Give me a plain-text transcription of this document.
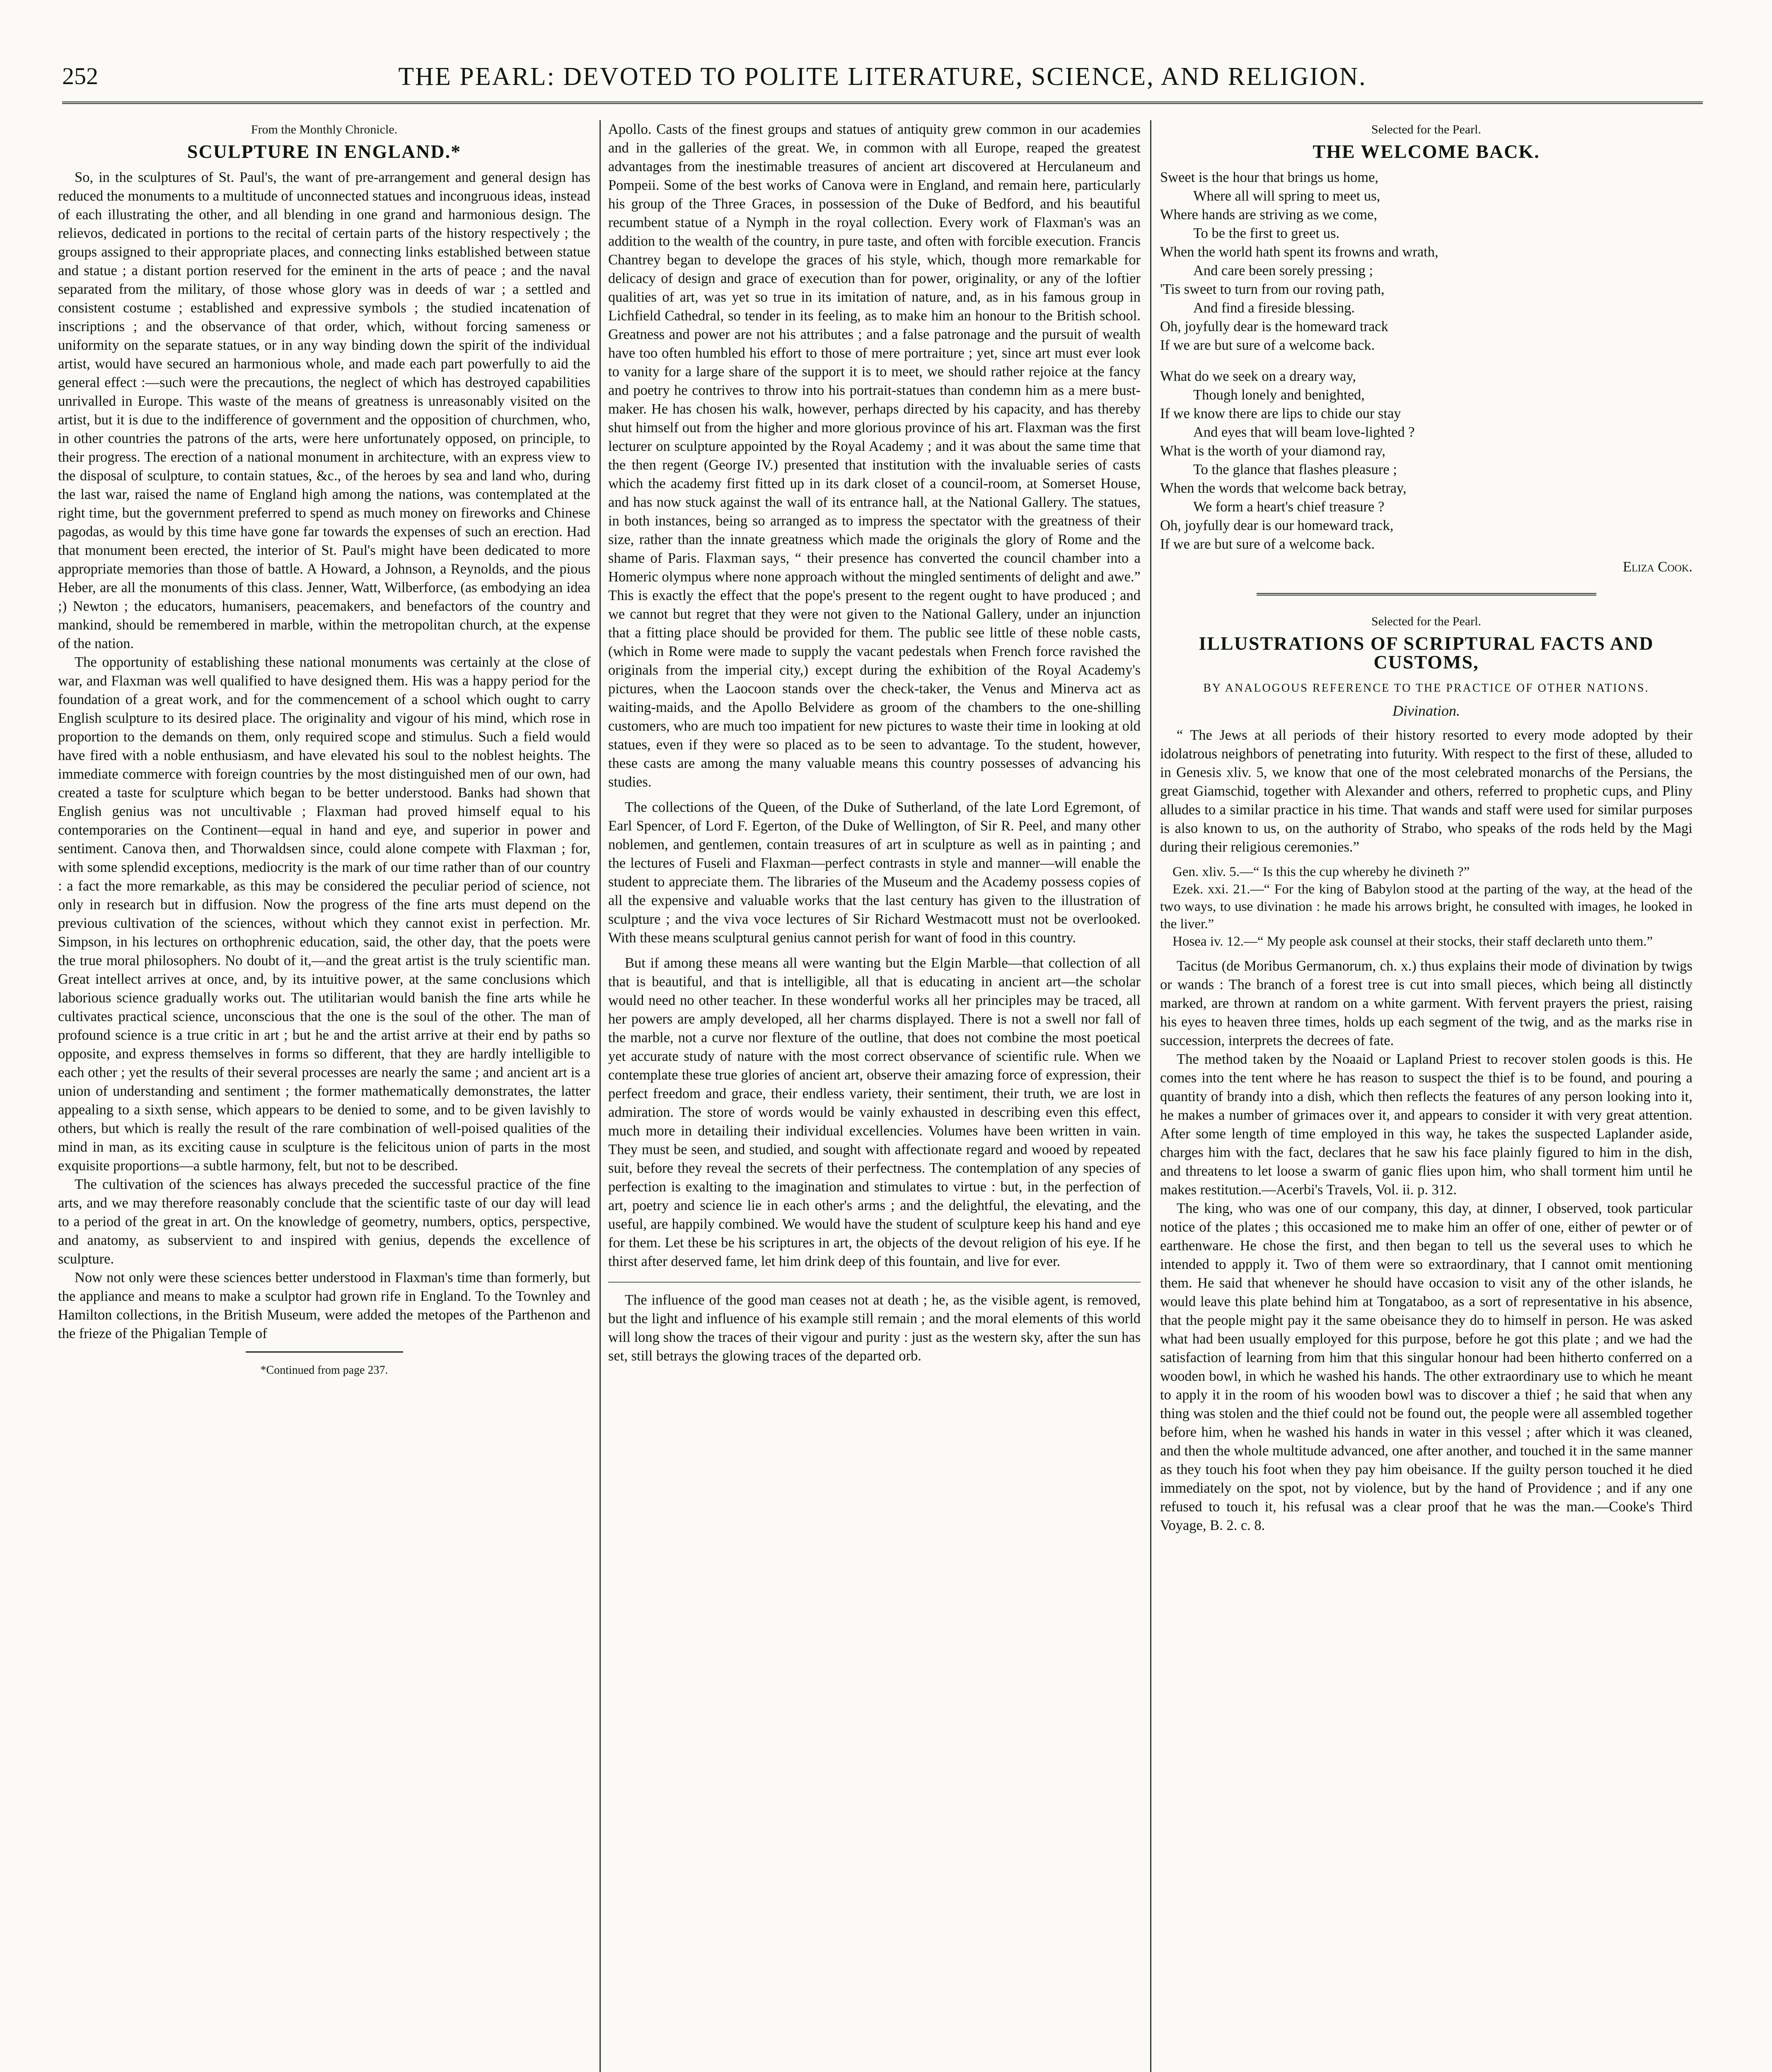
252	THE PEARL: DEVOTED TO POLITE LITERATURE, SCIENCE, AND RELIGION.
From the Monthly Chronicle.
SCULPTURE IN ENGLAND.*

So, in the sculptures of St. Paul's, the want of pre-arrangement and general design has reduced the monuments to a multitude of unconnected statues and incongruous ideas, instead of each illustrating the other, and all blending in one grand and harmonious design. The relievos, dedicated in portions to the recital of certain parts of the history respectively ; the groups assigned to their appropriate places, and connecting links established between statue and statue ; a distant portion reserved for the eminent in the arts of peace ; and the naval separated from the military, of those whose glory was in deeds of war ; a settled and consistent costume ; established and expressive symbols ; the studied incatenation of inscriptions ; and the observance of that order, which, without forcing sameness or uniformity on the separate statues, or in any way binding down the spirit of the individual artist, would have secured an harmonious whole, and made each part powerfully to aid the general effect :—such were the precautions, the neglect of which has destroyed capabilities unrivalled in Europe. This waste of the means of greatness is unreasonably visited on the artist, but it is due to the indifference of government and the opposition of churchmen, who, in other countries the patrons of the arts, were here unfortunately opposed, on principle, to their progress. The erection of a national monument in architecture, with an express view to the disposal of sculpture, to contain statues, &c., of the heroes by sea and land who, during the last war, raised the name of England high among the nations, was contemplated at the right time, but the government preferred to spend as much money on fireworks and Chinese pagodas, as would by this time have gone far towards the expenses of such an erection. Had that monument been erected, the interior of St. Paul's might have been dedicated to more appropriate memories than those of battle. A Howard, a Johnson, a Reynolds, and the pious Heber, are all the monuments of this class. Jenner, Watt, Wilberforce, (as embodying an idea ;) Newton ; the educators, humanisers, peacemakers, and benefactors of the country and mankind, should be remembered in marble, within the metropolitan church, at the expense of the nation.

The opportunity of establishing these national monuments was certainly at the close of war, and Flaxman was well qualified to have designed them. His was a happy period for the foundation of a great work, and for the commencement of a school which ought to carry English sculpture to its desired place. The originality and vigour of his mind, which rose in proportion to the demands on them, only required scope and stimulus. Such a field would have fired with a noble enthusiasm, and have elevated his soul to the noblest heights. The immediate commerce with foreign countries by the most distinguished men of our own, had created a taste for sculpture which began to be better understood. Banks had shown that English genius was not uncultivable ; Flaxman had proved himself equal to his contemporaries on the Continent—equal in hand and eye, and superior in power and sentiment. Canova then, and Thorwaldsen since, could alone compete with Flaxman ; for, with some splendid exceptions, mediocrity is the mark of our time rather than of our country : a fact the more remarkable, as this may be considered the peculiar period of science, not only in research but in diffusion. Now the progress of the fine arts must depend on the previous cultivation of the sciences, without which they cannot exist in perfection. Mr. Simpson, in his lectures on orthophrenic education, said, the other day, that the poets were the true moral philosophers. No doubt of it,—and the great artist is the truly scientific man. Great intellect arrives at once, and, by its intuitive power, at the same conclusions which laborious science gradually works out. The utilitarian would banish the fine arts while he cultivates practical science, unconscious that the one is the soul of the other. The man of profound science is a true critic in art ; but he and the artist arrive at their end by paths so opposite, and express themselves in forms so different, that they are hardly intelligible to each other ; yet the results of their several processes are nearly the same ; and ancient art is a union of understanding and sentiment ; the former mathematically demonstrates, the latter appealing to a sixth sense, which appears to be denied to some, and to be given lavishly to others, but which is really the result of the rare combination of well-poised qualities of the mind in man, as its exciting cause in sculpture is the felicitous union of parts in the most exquisite proportions—a subtle harmony, felt, but not to be described.

The cultivation of the sciences has always preceded the successful practice of the fine arts, and we may therefore reasonably conclude that the scientific taste of our day will lead to a period of the great in art. On the knowledge of geometry, numbers, optics, perspective, and anatomy, as subservient to and inspired with genius, depends the excellence of sculpture.

Now not only were these sciences better understood in Flaxman's time than formerly, but the appliance and means to make a sculptor had grown rife in England. To the Townley and Hamilton collections, in the British Museum, were added the metopes of the Parthenon and the frieze of the Phigalian Temple of

*Continued from page 237.

Apollo. Casts of the finest groups and statues of antiquity grew common in our academies and in the galleries of the great. We, in common with all Europe, reaped the greatest advantages from the inestimable treasures of ancient art discovered at Herculaneum and Pompeii. Some of the best works of Canova were in England, and remain here, particularly his group of the Three Graces, in possession of the Duke of Bedford, and his beautiful recumbent statue of a Nymph in the royal collection. Every work of Flaxman's was an addition to the wealth of the country, in pure taste, and often with forcible execution. Francis Chantrey began to develope the graces of his style, which, though more remarkable for delicacy of design and grace of execution than for power, originality, or any of the loftier qualities of art, was yet so true in its imitation of nature, and, as in his famous group in Lichfield Cathedral, so tender in its feeling, as to make him an honour to the British school. Greatness and power are not his attributes ; and a false patronage and the pursuit of wealth have too often humbled his effort to those of mere portraiture ; yet, since art must ever look to vanity for a large share of the support it is to meet, we should rather rejoice at the fancy and poetry he contrives to throw into his portrait-statues than condemn him as a mere bust-maker. He has chosen his walk, however, perhaps directed by his capacity, and has thereby shut himself out from the higher and more glorious province of his art. Flaxman was the first lecturer on sculpture appointed by the Royal Academy ; and it was about the same time that the then regent (George IV.) presented that institution with the invaluable series of casts which the academy first fitted up in its dark closet of a council-room, at Somerset House, and has now stuck against the wall of its entrance hall, at the National Gallery. The statues, in both instances, being so arranged as to impress the spectator with the greatness of their size, rather than the innate greatness which made the originals the glory of Rome and the shame of Paris. Flaxman says, “ their presence has converted the council chamber into a Homeric olympus where none approach without the mingled sentiments of delight and awe.” This is exactly the effect that the pope's present to the regent ought to have produced ; and we cannot but regret that they were not given to the National Gallery, under an injunction that a fitting place should be provided for them. The public see little of these noble casts, (which in Rome were made to supply the vacant pedestals when French force ravished the originals from the imperial city,) except during the exhibition of the Royal Academy's pictures, when the Laocoon stands over the check-taker, the Venus and Minerva act as waiting-maids, and the Apollo Belvidere as groom of the chambers to the one-shilling customers, who are much too impatient for new pictures to waste their time in looking at old statues, even if they were so placed as to be seen to advantage. To the student, however, these casts are among the many valuable means this country possesses of advancing his studies.

The collections of the Queen, of the Duke of Sutherland, of the late Lord Egremont, of Earl Spencer, of Lord F. Egerton, of the Duke of Wellington, of Sir R. Peel, and many other noblemen, and gentlemen, contain treasures of art in sculpture as well as in painting ; and the lectures of Fuseli and Flaxman—perfect contrasts in style and manner—will enable the student to appreciate them. The libraries of the Museum and the Academy possess copies of all the expensive and valuable works that the last century has given to the illustration of sculpture ; and the viva voce lectures of Sir Richard Westmacott must not be overlooked. With these means sculptural genius cannot perish for want of food in this country.

But if among these means all were wanting but the Elgin Marble—that collection of all that is beautiful, and that is intelligible, all that is educating in ancient art—the scholar would need no other teacher. In these wonderful works all her principles may be traced, all her powers are amply developed, all her charms displayed. There is not a swell nor fall of the marble, not a curve nor flexture of the outline, that does not combine the most poetical yet accurate study of nature with the most correct observance of scientific rule. When we contemplate these true glories of ancient art, observe their amazing force of expression, their perfect freedom and grace, their endless variety, their sentiment, their truth, we are lost in admiration. The store of words would be vainly exhausted in describing even this effect, much more in detailing their individual excellencies. Volumes have been written in vain. They must be seen, and studied, and sought with affectionate regard and wooed by repeated suit, before they reveal the secrets of their perfectness. The contemplation of any species of perfection is exalting to the imagination and stimulates to virtue : but, in the perfection of art, poetry and science lie in each other's arms ; and the delightful, the elevating, and the useful, are happily combined. We would have the student of sculpture keep his hand and eye for them. Let these be his scriptures in art, the objects of the devout religion of his eye. If he thirst after deserved fame, let him drink deep of this fountain, and live for ever.

The influence of the good man ceases not at death ; he, as the visible agent, is removed, but the light and influence of his example still remain ; and the moral elements of this world will long show the traces of their vigour and purity : just as the western sky, after the sun has set, still betrays the glowing traces of the departed orb.

Selected for the Pearl.
THE WELCOME BACK.

Sweet is the hour that brings us home,

Where all will spring to meet us,

Where hands are striving as we come,

To be the first to greet us.

When the world hath spent its frowns and wrath,

And care been sorely pressing ;

'Tis sweet to turn from our roving path,

And find a fireside blessing.

Oh, joyfully dear is the homeward track

If we are but sure of a welcome back.

What do we seek on a dreary way,

Though lonely and benighted,

If we know there are lips to chide our stay

And eyes that will beam love-lighted ?

What is the worth of your diamond ray,

To the glance that flashes pleasure ;

When the words that welcome back betray,

We form a heart's chief treasure ?

Oh, joyfully dear is our homeward track,

If we are but sure of a welcome back.

Eliza Cook.

Selected for the Pearl.
ILLUSTRATIONS OF SCRIPTURAL FACTS AND CUSTOMS,
BY ANALOGOUS REFERENCE TO THE PRACTICE OF OTHER NATIONS.
Divination.

“ The Jews at all periods of their history resorted to every mode adopted by their idolatrous neighbors of penetrating into futurity. With respect to the first of these, alluded to in Genesis xliv. 5, we know that one of the most celebrated monarchs of the Persians, the great Giamschid, together with Alexander and others, referred to prophetic cups, and Pliny alludes to a similar practice in his time. That wands and staff were used for similar purposes is also known to us, on the authority of Strabo, who speaks of the rods held by the Magi during their religious ceremonies.”

Gen. xliv. 5.—“ Is this the cup whereby he divineth ?”

Ezek. xxi. 21.—“ For the king of Babylon stood at the parting of the way, at the head of the two ways, to use divination : he made his arrows bright, he consulted with images, he looked in the liver.”

Hosea iv. 12.—“ My people ask counsel at their stocks, their staff declareth unto them.”

Tacitus (de Moribus Germanorum, ch. x.) thus explains their mode of divination by twigs or wands : The branch of a forest tree is cut into small pieces, which being all distinctly marked, are thrown at random on a white garment. With fervent prayers the priest, raising his eyes to heaven three times, holds up each segment of the twig, and as the marks rise in succession, interprets the decrees of fate.

The method taken by the Noaaid or Lapland Priest to recover stolen goods is this. He comes into the tent where he has reason to suspect the thief is to be found, and pouring a quantity of brandy into a dish, which then reflects the features of any person looking into it, he makes a number of grimaces over it, and appears to consider it with very great attention. After some length of time employed in this way, he takes the suspected Laplander aside, charges him with the fact, declares that he saw his face plainly figured to him in the dish, and threatens to let loose a swarm of ganic flies upon him, who shall torment him until he makes restitution.—Acerbi's Travels, Vol. ii. p. 312.

The king, who was one of our company, this day, at dinner, I observed, took particular notice of the plates ; this occasioned me to make him an offer of one, either of pewter or of earthenware. He chose the first, and then began to tell us the several uses to which he intended to appply it. Two of them were so extraordinary, that I cannot omit mentioning them. He said that whenever he should have occasion to visit any of the other islands, he would leave this plate behind him at Tongataboo, as a sort of representative in his absence, that the people might pay it the same obeisance they do to himself in person. He was asked what had been usually employed for this purpose, before he got this plate ; and we had the satisfaction of learning from him that this singular honour had been hitherto conferred on a wooden bowl, in which he washed his hands. The other extraordinary use to which he meant to apply it in the room of his wooden bowl was to discover a thief ; he said that when any thing was stolen and the thief could not be found out, the people were all assembled together before him, when he washed his hands in water in this vessel ; after which it was cleaned, and then the whole multitude advanced, one after another, and touched it in the same manner as they touch his foot when they pay him obeisance. If the guilty person touched it he died immediately on the spot, not by violence, but by the hand of Providence ; and if any one refused to touch it, his refusal was a clear proof that he was the man.—Cooke's Third Voyage, B. 2. c. 8.
